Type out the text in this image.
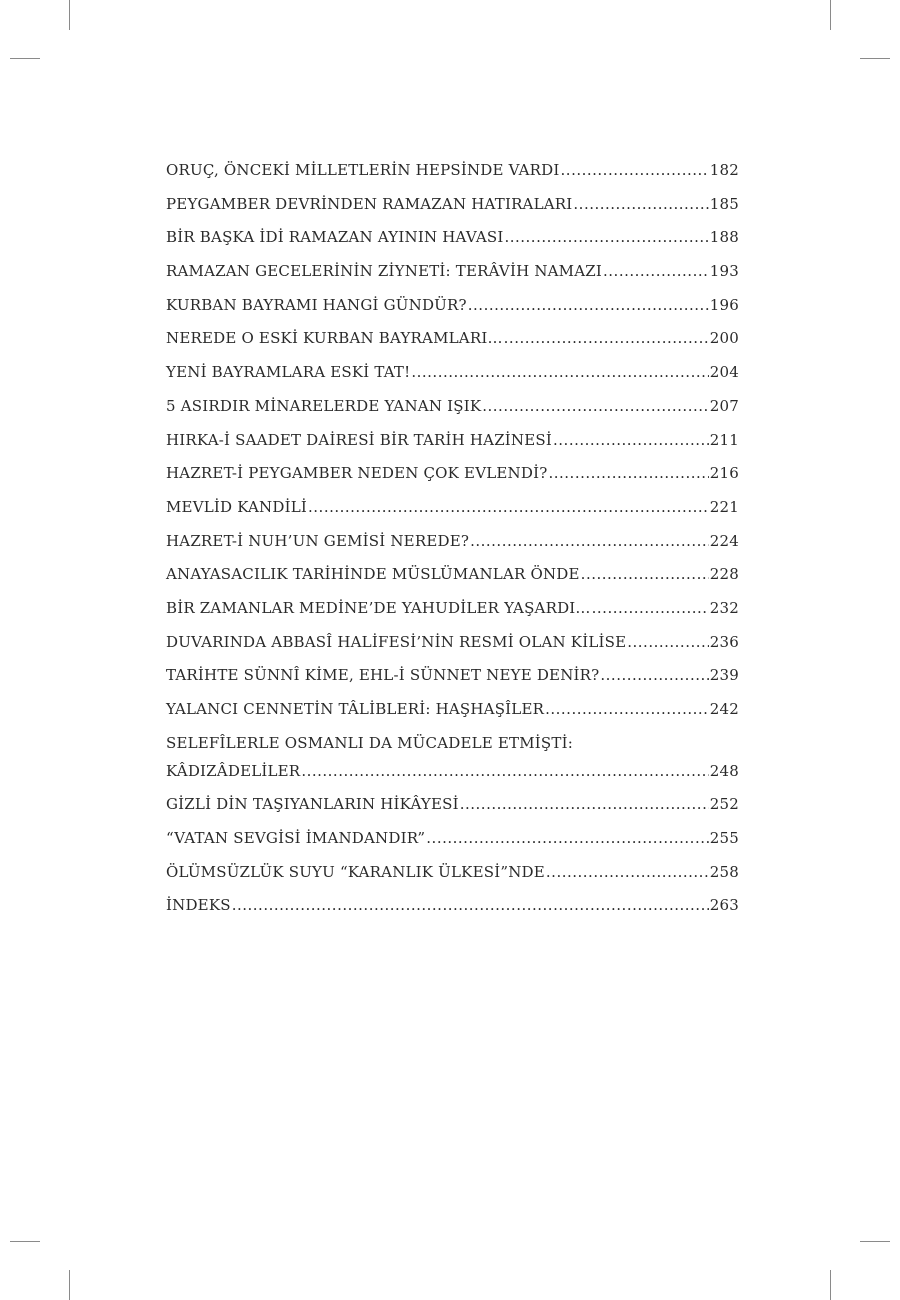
ORUÇ, ÖNCEKİ MİLLETLERİN HEPSİNDE VARDI .....	182
PEYGAMBER DEVRİNDEN RAMAZAN HATIRALARI .....	185
BİR BAŞKA İDİ RAMAZAN AYININ HAVASI .....	188
RAMAZAN GECELERİNİN ZİYNETİ: TERÂVİH NAMAZI .....	193
KURBAN BAYRAMI HANGİ GÜNDÜR? .....	196
NEREDE O ESKİ KURBAN BAYRAMLARI… .....	200
YENİ BAYRAMLARA ESKİ TAT! .....	204
5 ASIRDIR MİNARELERDE YANAN IŞIK .....	207
HIRKA-İ SAADET DAİRESİ BİR TARİH HAZİNESİ .....	211
HAZRET-İ PEYGAMBER NEDEN ÇOK EVLENDİ? .....	216
MEVLİD KANDİLİ .....	221
HAZRET-İ NUH’UN GEMİSİ NEREDE? .....	224
ANAYASACILIK TARİHİNDE MÜSLÜMANLAR ÖNDE .....	228
BİR ZAMANLAR MEDİNE’DE YAHUDİLER YAŞARDI… .....	232
DUVARINDA ABBASÎ HALİFESİ’NİN RESMİ OLAN KİLİSE .....	236
TARİHTE SÜNNÎ KİME, EHL-İ SÜNNET NEYE DENİR? .....	239
YALANCI CENNETİN TÂLİBLERİ: HAŞHAŞÎLER .....	242
SELEFÎLERLE OSMANLI DA MÜCADELE ETMİŞTİ:
KÂDIZÂDELİLER .....	248
GİZLİ DİN TAŞIYANLARIN HİKÂYESİ .....	252
“VATAN SEVGİSİ İMANDANDIR” .....	255
ÖLÜMSÜZLÜK SUYU “KARANLIK ÜLKESİ”NDE .....	258
İNDEKS .....	263
